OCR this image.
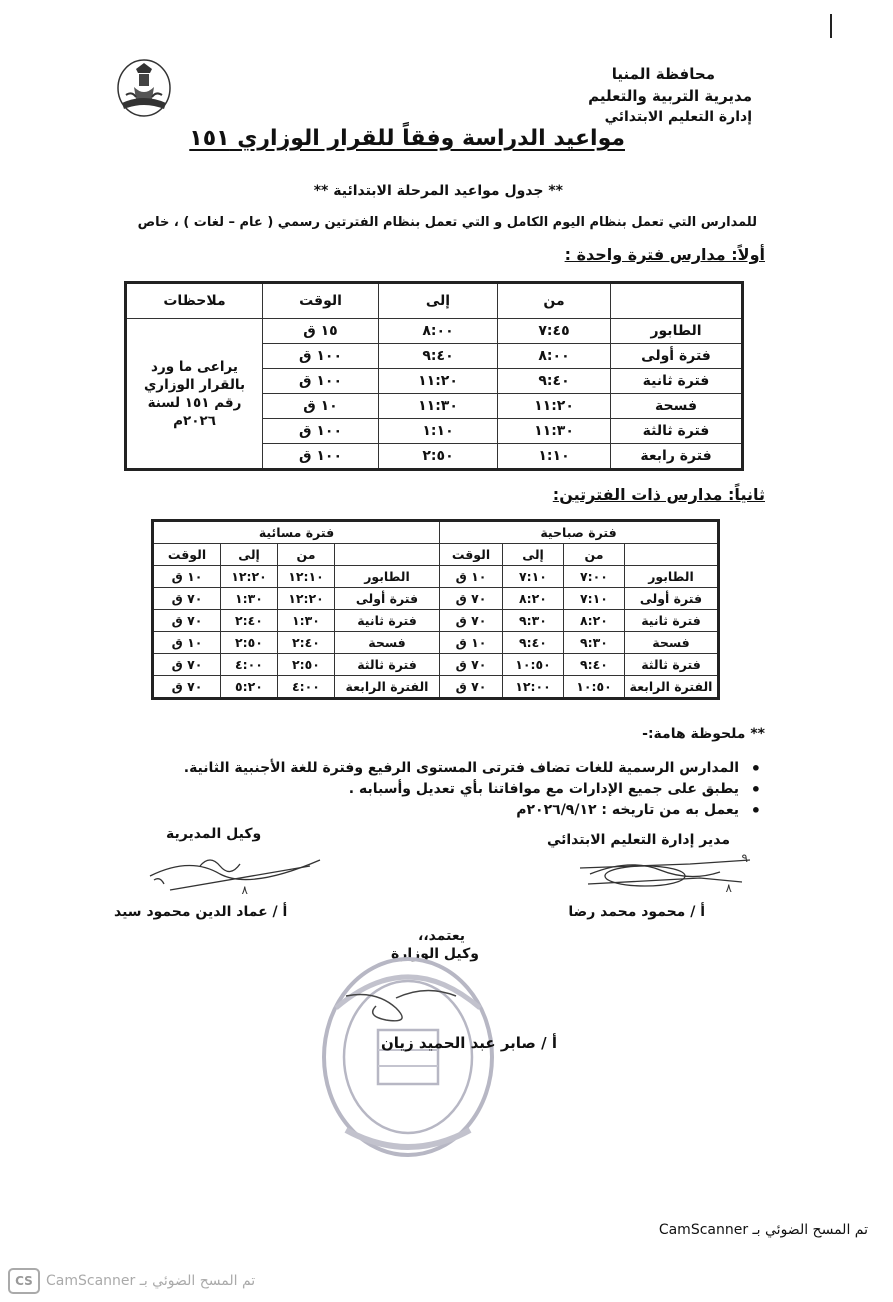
محافظة المنيا
مديرية التربية والتعليم
إدارة التعليم الابتدائي
مواعيد الدراسة وفقاً للقرار الوزاري ١٥١
** جدول مواعيد المرحلة الابتدائية **
للمدارس التي تعمل بنظام اليوم الكامل و التي تعمل بنظام الفترتين رسمي ( عام – لغات ) ، خاص
أولاً: مدارس فترة واحدة :
	من	إلى	الوقت	ملاحظات
الطابور	٧:٤٥	٨:٠٠	١٥ ق	يراعى ما ورد بالقرار الوزاري رقم ١٥١ لسنة ٢٠٢٦م
فترة أولى	٨:٠٠	٩:٤٠	١٠٠ ق	
فترة ثانية	٩:٤٠	١١:٢٠	١٠٠ ق	
فسحة	١١:٢٠	١١:٣٠	١٠ ق	
فترة ثالثة	١١:٣٠	١:١٠	١٠٠ ق	
فترة رابعة	١:١٠	٢:٥٠	١٠٠ ق	
ثانياً: مدارس ذات الفترتين:
فترة صباحية				فترة مسائية			
	من	إلى	الوقت		من	إلى	الوقت
الطابور	٧:٠٠	٧:١٠	١٠ ق	الطابور	١٢:١٠	١٢:٢٠	١٠ ق
فترة أولى	٧:١٠	٨:٢٠	٧٠ ق	فترة أولى	١٢:٢٠	١:٣٠	٧٠ ق
فترة ثانية	٨:٢٠	٩:٣٠	٧٠ ق	فترة ثانية	١:٣٠	٢:٤٠	٧٠ ق
فسحة	٩:٣٠	٩:٤٠	١٠ ق	فسحة	٢:٤٠	٢:٥٠	١٠ ق
فترة ثالثة	٩:٤٠	١٠:٥٠	٧٠ ق	فترة ثالثة	٢:٥٠	٤:٠٠	٧٠ ق
الفترة الرابعة	١٠:٥٠	١٢:٠٠	٧٠ ق	الفترة الرابعة	٤:٠٠	٥:٢٠	٧٠ ق
** ملحوظة هامة:-
• المدارس الرسمية للغات تضاف فترتى المستوى الرفيع وفترة للغة الأجنبية الثانية.
• يطبق على جميع الإدارات مع موافاتنا بأي تعديل وأسبابه .
• يعمل به من تاريخه : ٢٠٢٦/٩/١٢م
مدير إدارة التعليم الابتدائي
٩
٨
أ / محمود محمد رضا
وكيل المديرية
٨
أ / عماد الدين محمود سيد
يعتمد،،
وكيل الوزارة
أ / صابر عبد الحميد زيان
تم المسح الضوئي بـ CamScanner
CS تم المسح الضوئي بـ CamScanner
